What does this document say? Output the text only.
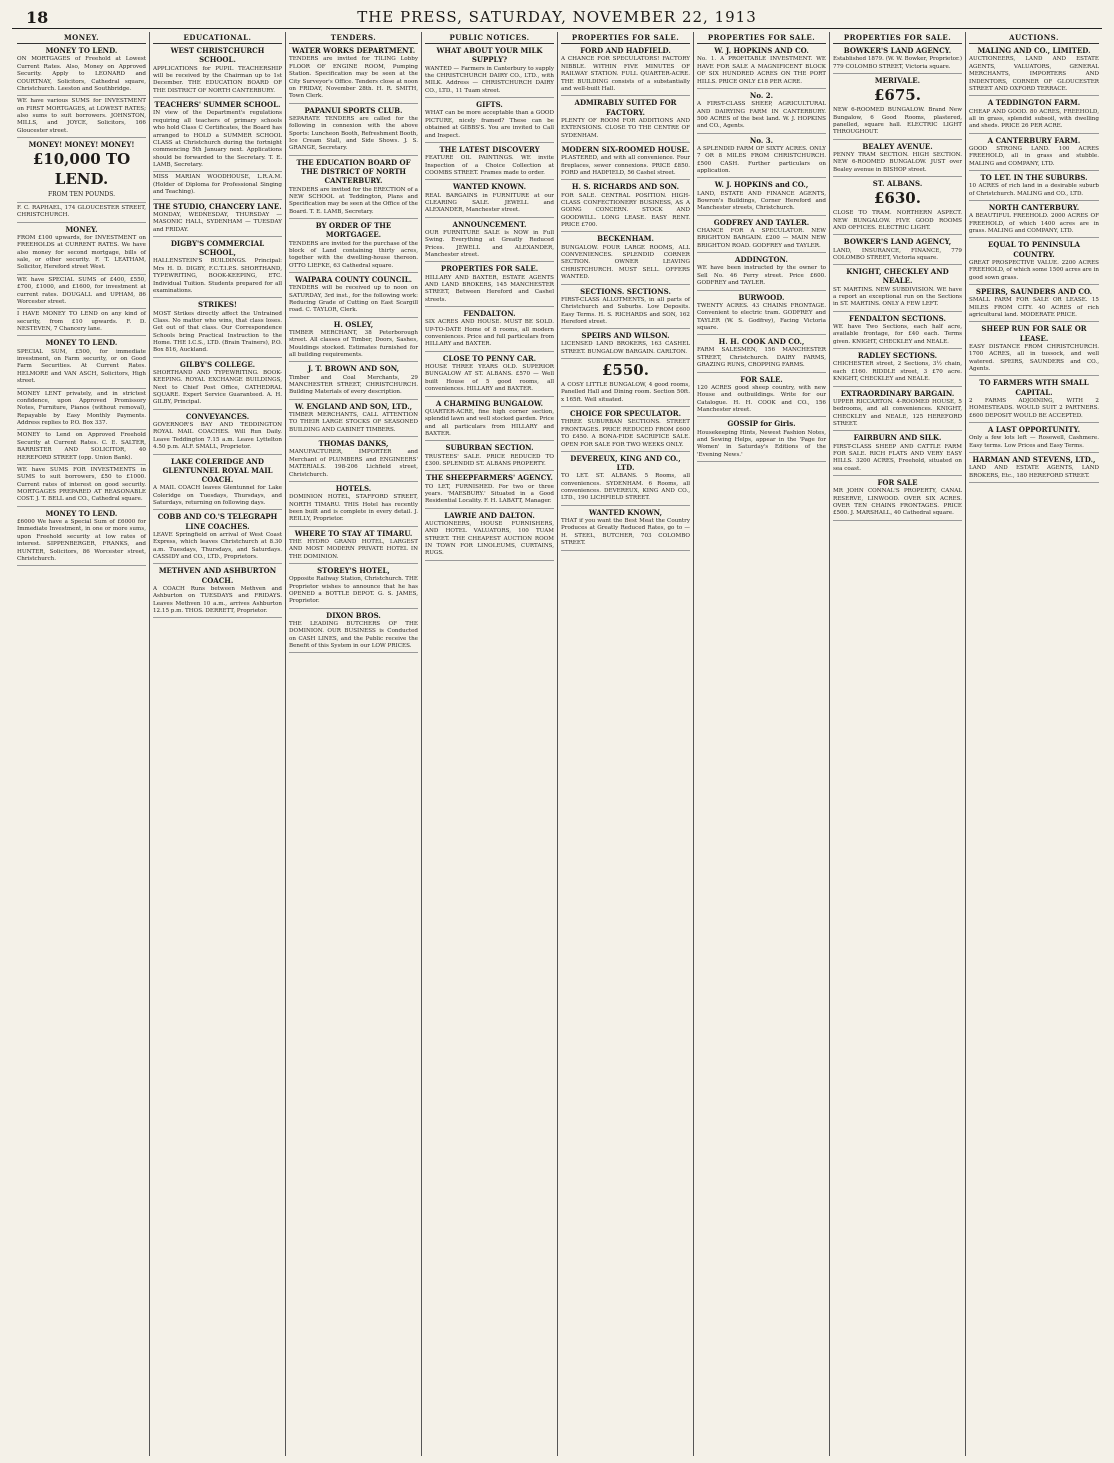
18	THE PRESS, SATURDAY, NOVEMBER 22, 1913
MONEY.
MONEY TO LEND.
ON MORTGAGES of Freehold at Lowest Current Rates. Also, Money on Approved Security. Apply to LEONARD and COURTNAY, Solicitors, Cathedral square, Christchurch. Leeston and Southbridge.
WE have various SUMS for INVESTMENT on FIRST MORTGAGES, at LOWEST RATES; also sums to suit borrowers. JOHNSTON, MILLS, and JOYCE, Solicitors, 166 Gloucester street.
MONEY! MONEY! MONEY!
£10,000 TO LEND.
FROM TEN POUNDS.
F. C. RAPHAEL, 174 GLOUCESTER STREET, CHRISTCHURCH.
MONEY.
FROM £100 upwards, for INVESTMENT on FREEHOLDS at CURRENT RATES. We have also money for second mortgage, bills of sale, or other security. F. T. LEATHAM, Solicitor, Hereford street West.
WE have SPECIAL SUMS of £400, £550, £700, £1000, and £1600, for investment at current rates. DOUGALL and UPHAM, 86 Worcester street.
I HAVE MONEY TO LEND on any kind of security, from £10 upwards. F. D. NESTEVEN, 7 Chancery lane.
MONEY TO LEND.
SPECIAL SUM, £500, for immediate investment, on Farm security, or on Good Farm Securities. At Current Rates. HELMORE and VAN ASCH, Solicitors, High street.
MONEY LENT privately, and in strictest confidence, upon Approved Promissory Notes, Furniture, Pianos (without removal), Repayable by Easy Monthly Payments. Address replies to P.O. Box 337.
MONEY to Lend on Approved Freehold Security at Current Rates. C. E. SALTER, BARRISTER AND SOLICITOR, 40 HEREFORD STREET (opp. Union Bank).
WE have SUMS FOR INVESTMENTS in SUMS to suit borrowers, £50 to £1000. Current rates of interest on good security. MORTGAGES PREPARED AT REASONABLE COST. J. T. BELL and CO., Cathedral square.
MONEY TO LEND.
£6000 We have a Special Sum of £6000 for Immediate Investment, in one or more sums, upon Freehold security at low rates of interest. SIPPENBERGER, FRANKS, and HUNTER, Solicitors, 86 Worcester street, Christchurch.
EDUCATIONAL.
WEST CHRISTCHURCH SCHOOL.
APPLICATIONS for PUPIL TEACHERSHIP will be received by the Chairman up to 1st December. THE EDUCATION BOARD OF THE DISTRICT OF NORTH CANTERBURY.
TEACHERS' SUMMER SCHOOL.
IN view of the Department's regulations requiring all teachers of primary schools who hold Class C Certificates, the Board has arranged to HOLD a SUMMER SCHOOL CLASS at Christchurch during the fortnight commencing 5th January next. Applications should be forwarded to the Secretary. T. E. LAMB, Secretary.
MISS MARIAN WOODHOUSE, L.R.A.M. (Holder of Diploma for Professional Singing and Teaching).
THE STUDIO, CHANCERY LANE.
MONDAY, WEDNESDAY, THURSDAY — MASONIC HALL, SYDENHAM — TUESDAY and FRIDAY.
DIGBY'S COMMERCIAL SCHOOL,
HALLENSTEIN'S BUILDINGS. Principal: Mrs H. D. DIGBY, F.C.T.I.P.S. SHORTHAND, TYPEWRITING, BOOK-KEEPING, ETC. Individual Tuition. Students prepared for all examinations.
STRIKES!
MOST Strikes directly affect the Untrained Class. No matter who wins, that class loses. Get out of that class. Our Correspondence Schools bring Practical Instruction to the Home. THE I.C.S., LTD. (Brain Trainers), P.O. Box 816, Auckland.
GILBY'S COLLEGE.
SHORTHAND AND TYPEWRITING. BOOK-KEEPING. ROYAL EXCHANGE BUILDINGS, Next to Chief Post Office, CATHEDRAL SQUARE. Expert Service Guaranteed. A. H. GILBY, Principal.
CONVEYANCES.
GOVERNOR'S BAY AND TEDDINGTON ROYAL MAIL COACHES. Will Run Daily. Leave Teddington 7.15 a.m. Leave Lyttelton 4.50 p.m. ALF. SMALL, Proprietor.
LAKE COLERIDGE AND GLENTUNNEL ROYAL MAIL COACH.
A MAIL COACH leaves Glentunnel for Lake Coleridge on Tuesdays, Thursdays, and Saturdays, returning on following days.
COBB AND CO.'S TELEGRAPH LINE COACHES.
LEAVE Springfield on arrival of West Coast Express, which leaves Christchurch at 8.30 a.m. Tuesdays, Thursdays, and Saturdays. CASSIDY and CO., LTD., Proprietors.
METHVEN AND ASHBURTON COACH.
A COACH Runs between Methven and Ashburton on TUESDAYS and FRIDAYS. Leaves Methven 10 a.m., arrives Ashburton 12.15 p.m. THOS. DERRETT, Proprietor.
TENDERS.
WATER WORKS DEPARTMENT.
TENDERS are invited for TILING Lobby FLOOR OF ENGINE ROOM, Pumping Station. Specification may be seen at the City Surveyor's Office. Tenders close at noon on FRIDAY, November 28th. H. R. SMITH, Town Clerk.
PAPANUI SPORTS CLUB.
SEPARATE TENDERS are called for the following in connexion with the above Sports: Luncheon Booth, Refreshment Booth, Ice Cream Stall, and Side Shows. J. S. GRANGE, Secretary.
THE EDUCATION BOARD OF THE DISTRICT OF NORTH CANTERBURY.
TENDERS are invited for the ERECTION of a NEW SCHOOL at Teddington, Plans and Specification may be seen at the Office of the Board. T. E. LAMB, Secretary.
BY ORDER OF THE MORTGAGEE.
TENDERS are invited for the purchase of the block of Land containing thirty acres, together with the dwelling-house thereon. OTTO LIEFKE, 63 Cathedral square.
WAIPARA COUNTY COUNCIL.
TENDERS will be received up to noon on SATURDAY, 3rd inst., for the following work: Reducing Grade of Cutting on East Scargill road. C. TAYLOR, Clerk.
H. OSLEY,
TIMBER MERCHANT, 38 Peterborough street. All classes of Timber, Doors, Sashes, Mouldings stocked. Estimates furnished for all building requirements.
J. T. BROWN AND SON,
Timber and Coal Merchants, 29 MANCHESTER STREET, CHRISTCHURCH. Building Materials of every description.
W. ENGLAND AND SON, LTD.,
TIMBER MERCHANTS, CALL ATTENTION TO THEIR LARGE STOCKS OF SEASONED BUILDING AND CABINET TIMBERS.
THOMAS DANKS,
MANUFACTURER, IMPORTER and Merchant of PLUMBERS and ENGINEERS' MATERIALS. 198-206 Lichfield street, Christchurch.
HOTELS.
DOMINION HOTEL, STAFFORD STREET, NORTH TIMARU. THIS Hotel has recently been built and is complete in every detail. J. REILLY, Proprietor.
WHERE TO STAY AT TIMARU.
THE HYDRO GRAND HOTEL, LARGEST AND MOST MODERN PRIVATE HOTEL IN THE DOMINION.
STOREY'S HOTEL,
Opposite Railway Station, Christchurch. THE Proprietor wishes to announce that he has OPENED a BOTTLE DEPOT. G. S. JAMES, Proprietor.
DIXON BROS.
THE LEADING BUTCHERS OF THE DOMINION. OUR BUSINESS is Conducted on CASH LINES, and the Public receive the Benefit of this System in our LOW PRICES.
PUBLIC NOTICES.
WHAT ABOUT YOUR MILK SUPPLY?
WANTED — Farmers in Canterbury to supply the CHRISTCHURCH DAIRY CO., LTD., with MILK. Address — CHRISTCHURCH DAIRY CO., LTD., 11 Tuam street.
GIFTS.
WHAT can be more acceptable than a GOOD PICTURE, nicely framed? These can be obtained at GIBBS'S. You are invited to Call and Inspect.
THE LATEST DISCOVERY
FEATURE OIL PAINTINGS. WE invite Inspection of a Choice Collection at COOMBS STREET. Frames made to order.
WANTED KNOWN.
REAL BARGAINS in FURNITURE at our CLEARING SALE. JEWELL and ALEXANDER, Manchester street.
ANNOUNCEMENT.
OUR FURNITURE SALE is NOW in Full Swing. Everything at Greatly Reduced Prices. JEWELL and ALEXANDER, Manchester street.
PROPERTIES FOR SALE.
HILLARY AND BAXTER, ESTATE AGENTS AND LAND BROKERS, 145 MANCHESTER STREET, Between Hereford and Cashel streets.
FENDALTON.
SIX ACRES AND HOUSE. MUST BE SOLD. UP-TO-DATE Home of 8 rooms, all modern conveniences. Price and full particulars from HILLARY and BAXTER.
CLOSE TO PENNY CAR.
HOUSE THREE YEARS OLD. SUPERIOR BUNGALOW AT ST. ALBANS. £570 — Well built House of 5 good rooms, all conveniences. HILLARY and BAXTER.
A CHARMING BUNGALOW.
QUARTER-ACRE, fine high corner section, splendid lawn and well stocked garden. Price and all particulars from HILLARY and BAXTER.
SUBURBAN SECTION.
TRUSTEES' SALE. PRICE REDUCED TO £300. SPLENDID ST. ALBANS PROPERTY.
THE SHEEPFARMERS' AGENCY.
TO LET, FURNISHED. For two or three years. 'MAESBURY.' Situated in a Good Residential Locality. F. H. LABATT, Manager.
LAWRIE AND DALTON.
AUCTIONEERS, HOUSE FURNISHERS, AND HOTEL VALUATORS, 100 TUAM STREET. THE CHEAPEST AUCTION ROOM IN TOWN FOR LINOLEUMS, CURTAINS, RUGS.
PROPERTIES FOR SALE.
FORD AND HADFIELD.
A CHANCE FOR SPECULATORS! FACTORY NIBBLE. WITHIN FIVE MINUTES OF RAILWAY STATION. FULL QUARTER-ACRE. THE BUILDING consists of a substantially and well-built Hall.
ADMIRABLY SUITED FOR FACTORY.
PLENTY OF ROOM FOR ADDITIONS AND EXTENSIONS. CLOSE TO THE CENTRE OF SYDENHAM.
MODERN SIX-ROOMED HOUSE.
PLASTERED, and with all convenience. Four fireplaces, sewer connexions. PRICE £850. FORD and HADFIELD, 56 Cashel street.
H. S. RICHARDS AND SON.
FOR SALE. CENTRAL POSITION. HIGH-CLASS CONFECTIONERY BUSINESS, AS A GOING CONCERN. STOCK AND GOODWILL. LONG LEASE. EASY RENT. PRICE £700.
BECKENHAM.
BUNGALOW. FOUR LARGE ROOMS, ALL CONVENIENCES. SPLENDID CORNER SECTION. OWNER LEAVING CHRISTCHURCH. MUST SELL. OFFERS WANTED.
SECTIONS. SECTIONS.
FIRST-CLASS ALLOTMENTS, in all parts of Christchurch and Suburbs. Low Deposits. Easy Terms. H. S. RICHARDS and SON, 162 Hereford street.
SPEIRS AND WILSON.
LICENSED LAND BROKERS, 163 CASHEL STREET. BUNGALOW BARGAIN. CARLTON.
£550.
A COSY LITTLE BUNGALOW, 4 good rooms, Panelled Hall and Dining room. Section 50ft. x 165ft. Well situated.
CHOICE FOR SPECULATOR.
THREE SUBURBAN SECTIONS. STREET FRONTAGES. PRICE REDUCED FROM £600 TO £450. A BONA-FIDE SACRIFICE SALE. OPEN FOR SALE FOR TWO WEEKS ONLY.
DEVEREUX, KING AND CO., LTD.
TO LET. ST. ALBANS. 5 Rooms, all conveniences. SYDENHAM. 6 Rooms, all conveniences. DEVEREUX, KING AND CO., LTD., 190 LICHFIELD STREET.
WANTED KNOWN,
THAT if you want the Best Meat the Country Produces at Greatly Reduced Rates, go to — H. STEEL, BUTCHER, 703 COLOMBO STREET.
PROPERTIES FOR SALE.
W. J. HOPKINS AND CO.
No. 1. A PROFITABLE INVESTMENT. WE HAVE FOR SALE A MAGNIFICENT BLOCK OF SIX HUNDRED ACRES ON THE PORT HILLS. PRICE ONLY £18 PER ACRE.
No. 2.
A FIRST-CLASS SHEEP, AGRICULTURAL AND DAIRYING FARM IN CANTERBURY. 500 ACRES of the best land. W. J. HOPKINS and CO., Agents.
No. 3.
A SPLENDID FARM OF SIXTY ACRES. ONLY 7 OR 8 MILES FROM CHRISTCHURCH. £500 CASH. Further particulars on application.
W. J. HOPKINS and CO.,
LAND, ESTATE AND FINANCE AGENTS, Bowron's Buildings, Corner Hereford and Manchester streets, Christchurch.
GODFREY AND TAYLER.
CHANCE FOR A SPECULATOR. NEW BRIGHTON BARGAIN. £200 — MAIN NEW BRIGHTON ROAD. GODFREY and TAYLER.
ADDINGTON.
WE have been instructed by the owner to Sell No. 46 Ferry street. Price £600. GODFREY and TAYLER.
BURWOOD.
TWENTY ACRES. 43 CHAINS FRONTAGE. Convenient to electric tram. GODFREY and TAYLER (W. S. Godfrey), Facing Victoria square.
H. H. COOK AND CO.,
FARM SALESMEN, 156 MANCHESTER STREET, Christchurch. DAIRY FARMS, GRAZING RUNS, CROPPING FARMS.
FOR SALE.
120 ACRES good sheep country, with new House and outbuildings. Write for our Catalogue. H. H. COOK and CO., 156 Manchester street.
GOSSIP for Girls.
Housekeeping Hints, Newest Fashion Notes, and Sewing Helps, appear in the 'Page for Women' in Saturday's Editions of the 'Evening News.'
PROPERTIES FOR SALE.
BOWKER'S LAND AGENCY.
Established 1879. (W. W. Bowker, Proprietor.) 779 COLOMBO STREET, Victoria square.
MERIVALE.
£675.
NEW 6-ROOMED BUNGALOW. Brand New Bungalow, 6 Good Rooms, plastered, panelled, square hall. ELECTRIC LIGHT THROUGHOUT.
BEALEY AVENUE.
PENNY TRAM SECTION. HIGH SECTION. NEW 6-ROOMED BUNGALOW. JUST over Bealey avenue in BISHOP street.
ST. ALBANS.
£630.
CLOSE TO TRAM. NORTHERN ASPECT. NEW BUNGALOW. FIVE GOOD ROOMS AND OFFICES. ELECTRIC LIGHT.
BOWKER'S LAND AGENCY,
LAND, INSURANCE, FINANCE, 779 COLOMBO STREET, Victoria square.
KNIGHT, CHECKLEY AND NEALE.
ST. MARTINS. NEW SUBDIVISION. WE have a report an exceptional run on the Sections in ST. MARTINS. ONLY A FEW LEFT.
FENDALTON SECTIONS.
WE have Two Sections, each half acre, available frontage, for £40 each. Terms given. KNIGHT, CHECKLEY and NEALE.
RADLEY SECTIONS.
CHICHESTER street, 2 Sections, 3½ chain, each £160. RIDDLE street, 3 £70 acre. KNIGHT, CHECKLEY and NEALE.
EXTRAORDINARY BARGAIN.
UPPER RICCARTON. 4-ROOMED HOUSE, 5 bedrooms, and all conveniences. KNIGHT, CHECKLEY and NEALE, 125 HEREFORD STREET.
FAIRBURN AND SILK.
FIRST-CLASS SHEEP AND CATTLE FARM FOR SALE. RICH FLATS AND VERY EASY HILLS. 3200 ACRES, Freehold, situated on sea coast.
FOR SALE
MR JOHN CONNAL'S PROPERTY, CANAL RESERVE, LINWOOD. OVER SIX ACRES. OVER TEN CHAINS FRONTAGES. PRICE £500. J. MARSHALL, 40 Cathedral square.
AUCTIONS.
MALING AND CO., LIMITED.
AUCTIONEERS, LAND AND ESTATE AGENTS, VALUATORS, GENERAL MERCHANTS, IMPORTERS AND INDENTORS, CORNER OF GLOUCESTER STREET AND OXFORD TERRACE.
A TEDDINGTON FARM.
CHEAP AND GOOD. 80 ACRES, FREEHOLD, all in grass, splendid subsoil, with dwelling and sheds. PRICE 26 PER ACRE.
A CANTERBURY FARM.
GOOD STRONG LAND. 100 ACRES FREEHOLD, all in grass and stubble. MALING and COMPANY, LTD.
TO LET. IN THE SUBURBS.
10 ACRES of rich land in a desirable suburb of Christchurch. MALING and CO., LTD.
NORTH CANTERBURY.
A BEAUTIFUL FREEHOLD. 2000 ACRES OF FREEHOLD, of which 1400 acres are in grass. MALING and COMPANY, LTD.
EQUAL TO PENINSULA COUNTRY.
GREAT PROSPECTIVE VALUE. 2200 ACRES FREEHOLD, of which some 1500 acres are in good sown grass.
SPEIRS, SAUNDERS AND CO.
SMALL FARM FOR SALE OR LEASE. 15 MILES FROM CITY. 40 ACRES of rich agricultural land. MODERATE PRICE.
SHEEP RUN FOR SALE OR LEASE.
EASY DISTANCE FROM CHRISTCHURCH. 1700 ACRES, all in tussock, and well watered. SPEIRS, SAUNDERS and CO., Agents.
TO FARMERS WITH SMALL CAPITAL.
2 FARMS ADJOINING, WITH 2 HOMESTEADS. WOULD SUIT 2 PARTNERS. £600 DEPOSIT WOULD BE ACCEPTED.
A LAST OPPORTUNITY.
Only a few lots left — Rosewell, Cashmere. Easy terms. Low Prices and Easy Terms.
HARMAN AND STEVENS, LTD.,
LAND AND ESTATE AGENTS, LAND BROKERS, Etc., 180 HEREFORD STREET.
